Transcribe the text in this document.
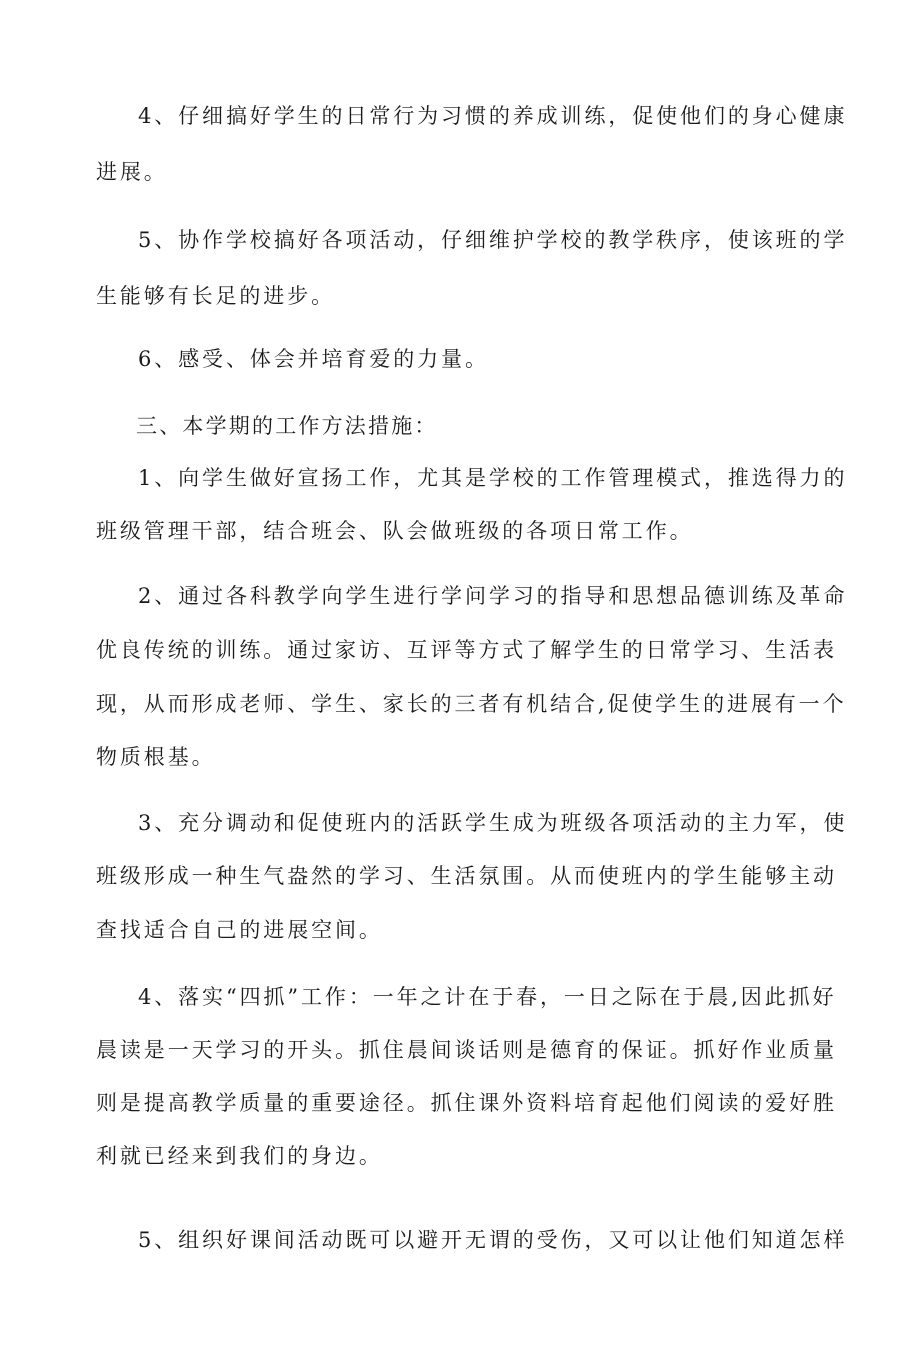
4、仔细搞好学生的日常行为习惯的养成训练，促使他们的身心健康
进展。
5、协作学校搞好各项活动，仔细维护学校的教学秩序，使该班的学
生能够有长足的进步。
6、感受、体会并培育爱的力量。
三、本学期的工作方法措施：
1、向学生做好宣扬工作，尤其是学校的工作管理模式，推选得力的
班级管理干部，结合班会、队会做班级的各项日常工作。
2、通过各科教学向学生进行学问学习的指导和思想品德训练及革命
优良传统的训练。通过家访、互评等方式了解学生的日常学习、生活表
现，从而形成老师、学生、家长的三者有机结合,促使学生的进展有一个
物质根基。
3、充分调动和促使班内的活跃学生成为班级各项活动的主力军，使
班级形成一种生气盎然的学习、生活氛围。从而使班内的学生能够主动
查找适合自己的进展空间。
4、落实“四抓”工作：一年之计在于春，一日之际在于晨,因此抓好
晨读是一天学习的开头。抓住晨间谈话则是德育的保证。抓好作业质量
则是提高教学质量的重要途径。抓住课外资料培育起他们阅读的爱好胜
利就已经来到我们的身边。
5、组织好课间活动既可以避开无谓的受伤，又可以让他们知道怎样
